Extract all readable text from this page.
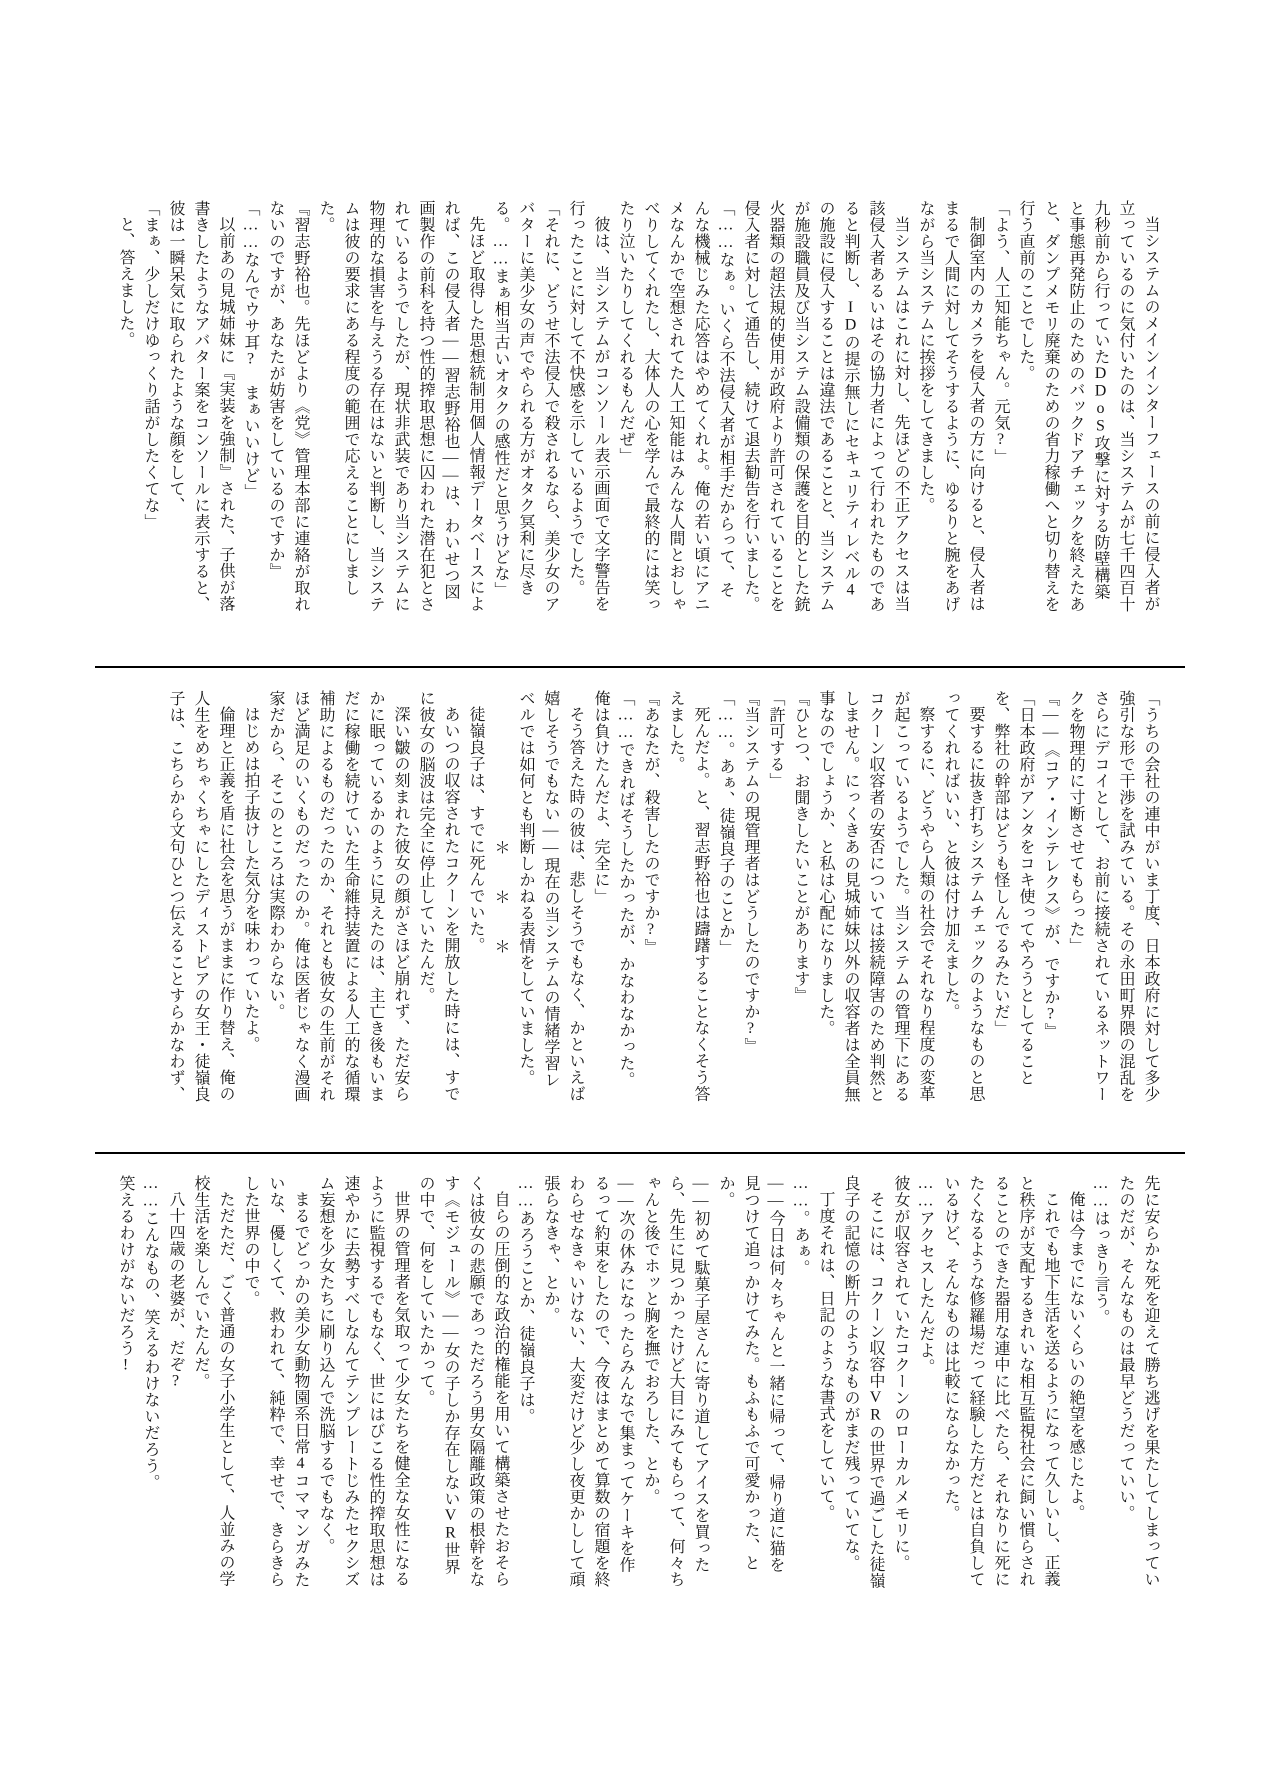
当システムのメインインターフェースの前に侵入者が立っているのに気付いたのは、当システムが七千四百十九秒前から行っていたDDoS攻撃に対する防壁構築と事態再発防止のためのバックドアチェックを終えたあと、ダンプメモリ廃棄のための省力稼働へと切り替えを行う直前のことでした。

「よう、人工知能ちゃん。元気?」

制御室内のカメラを侵入者の方に向けると、侵入者はまるで人間に対してそうするように、ゆるりと腕をあげながら当システムに挨拶をしてきました。

当システムはこれに対し、先ほどの不正アクセスは当該侵入者あるいはその協力者によって行われたものであると判断し、IDの提示無しにセキュリティレベル4の施設に侵入することは違法であることと、当システムが施設職員及び当システム設備類の保護を目的とした銃火器類の超法規的使用が政府より許可されていることを侵入者に対して通告し、続けて退去勧告を行いました。

「……なぁ。いくら不法侵入者が相手だからって、そんな機械じみた応答はやめてくれよ。俺の若い頃にアニメなんかで空想されてた人工知能はみんな人間とおしゃべりしてくれたし、大体人の心を学んで最終的には笑ったり泣いたりしてくれるもんだぜ」

彼は、当システムがコンソール表示画面で文字警告を行ったことに対して不快感を示しているようでした。

「それに、どうせ不法侵入で殺されるなら、美少女のアバターに美少女の声でやられる方がオタク冥利に尽きる。……まぁ相当古いオタクの感性だと思うけどな」

先ほど取得した思想統制用個人情報データベースによれば、この侵入者――習志野裕也――は、わいせつ図画製作の前科を持つ性的搾取思想に囚われた潜在犯とされているようでしたが、現状非武装であり当システムに物理的な損害を与えうる存在はないと判断し、当システムは彼の要求にある程度の範囲で応えることにしました。

『習志野裕也。先ほどより《党》管理本部に連絡が取れないのですが、あなたが妨害をしているのですか』

「……なんでウサ耳?　まぁいいけど」

以前あの見城姉妹に『実装を強制』された、子供が落書きしたようなアバター案をコンソールに表示すると、彼は一瞬呆気に取られたような顔をして、

「まぁ、少しだけゆっくり話がしたくてな」

と、答えました。

「うちの会社の連中がいま丁度、日本政府に対して多少強引な形で干渉を試みている。その永田町界隈の混乱をさらにデコイとして、お前に接続されているネットワークを物理的に寸断させてもらった」

『――《コア・インテレクス》が、ですか?』

「日本政府がアンタをコキ使ってやろうとしてることを、弊社の幹部はどうも怪しんでるみたいだ」

要するに抜き打ちシステムチェックのようなものと思ってくれればいい、と彼は付け加えました。

察するに、どうやら人類の社会でそれなり程度の変革が起こっているようでした。当システムの管理下にあるコクーン収容者の安否については接続障害のため判然としません。にっくきあの見城姉妹以外の収容者は全員無事なのでしょうか、と私は心配になりました。

『ひとつ、お聞きしたいことがあります』

「許可する」

『当システムの現管理者はどうしたのですか?』

「……。あぁ、徒嶺良子のことか」

死んだよ。と、習志野裕也は躊躇することなくそう答えました。

『あなたが、殺害したのですか?』

「……できればそうしたかったが、かなわなかった。俺は負けたんだよ、完全に」

そう答えた時の彼は、悲しそうでもなく、かといえば嬉しそうでもない――現在の当システムの情緒学習レベルでは如何とも判断しかねる表情をしていました。

＊　　＊　　＊

徒嶺良子は、すでに死んでいた。

あいつの収容されたコクーンを開放した時には、すでに彼女の脳波は完全に停止していたんだ。

深い皺の刻まれた彼女の顔がさほど崩れず、ただ安らかに眠っているかのように見えたのは、主亡き後もいまだに稼働を続けていた生命維持装置による人工的な循環補助によるものだったのか、それとも彼女の生前がそれほど満足のいくものだったのか。俺は医者じゃなく漫画家だから、そこのところは実際わからない。

はじめは拍子抜けした気分を味わっていたよ。

倫理と正義を盾に社会を思うがままに作り替え、俺の人生をめちゃくちゃにしたディストピアの女王・徒嶺良子は、こちらから文句ひとつ伝えることすらかなわず、

先に安らかな死を迎えて勝ち逃げを果たしてしまっていたのだが、そんなものは最早どうだっていい。

……はっきり言う。

俺は今までにないくらいの絶望を感じたよ。

これでも地下生活を送るようになって久しいし、正義と秩序が支配するきれいな相互監視社会に飼い慣らされることのできた器用な連中に比べたら、それなりに死にたくなるような修羅場だって経験した方だとは自負しているけど、そんなものは比較にならなかった。

……アクセスしたんだよ。

彼女が収容されていたコクーンのローカルメモリに。

そこには、コクーン収容中VRの世界で過ごした徒嶺良子の記憶の断片のようなものがまだ残っていてな。

丁度それは、日記のような書式をしていて。

……。あぁ。

――今日は何々ちゃんと一緒に帰って、帰り道に猫を見つけて追っかけてみた。もふもふで可愛かった、とか。

――初めて駄菓子屋さんに寄り道してアイスを買ったら、先生に見つかったけど大目にみてもらって、何々ちゃんと後でホッと胸を撫でおろした、とか。

――次の休みになったらみんなで集まってケーキを作るって約束をしたので、今夜はまとめて算数の宿題を終わらせなきゃいけない、大変だけど少し夜更かしして頑張らなきゃ、とか。

……あろうことか、徒嶺良子は。

自らの圧倒的な政治的権能を用いて構築させたおそらくは彼女の悲願であっただろう男女隔離政策の根幹をなす《モジュール》――女の子しか存在しないVR世界の中で、何をしていたかって。

世界の管理者を気取って少女たちを健全な女性になるように監視するでもなく、世にはびこる性的搾取思想は速やかに去勢すべしなんてテンプレートじみたセクシズム妄想を少女たちに刷り込んで洗脳するでもなく。

まるでどっかの美少女動物園系日常4コママンガみたいな、優しくて、救われて、純粋で、幸せで、きらきらした世界の中で。

ただただ、ごく普通の女子小学生として、人並みの学校生活を楽しんでいたんだ。

八十四歳の老婆が、だぞ?

……こんなもの、笑えるわけないだろう。

笑えるわけがないだろう!
